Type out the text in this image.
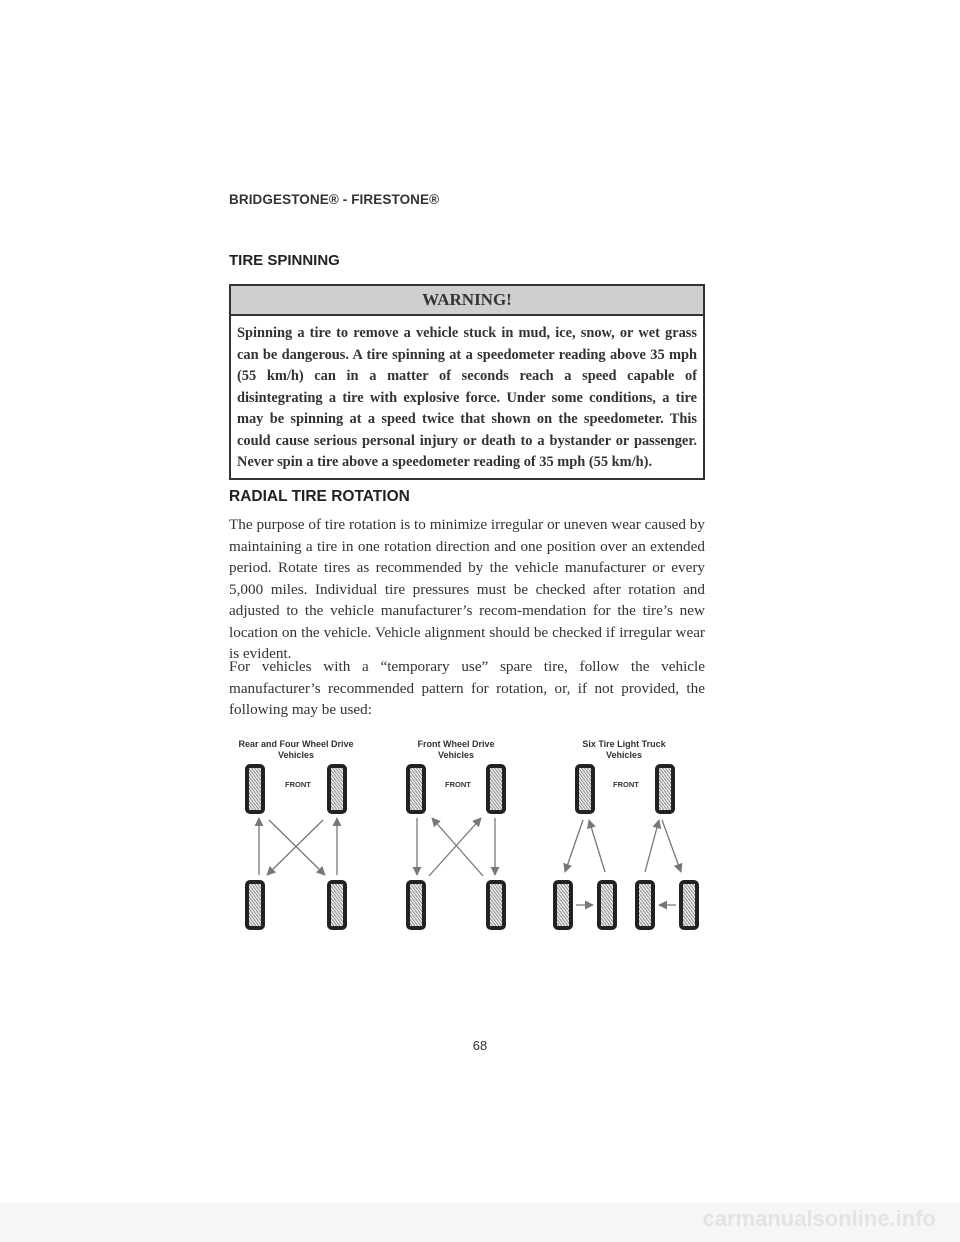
BRIDGESTONE® - FIRESTONE®
TIRE SPINNING
WARNING!
Spinning a tire to remove a vehicle stuck in mud, ice, snow, or wet grass can be dangerous. A tire spinning at a speedometer reading above 35 mph (55 km/h) can in a matter of seconds reach a speed capable of disintegrating a tire with explosive force. Under some conditions, a tire may be spinning at a speed twice that shown on the speedometer. This could cause serious personal injury or death to a bystander or passenger. Never spin a tire above a speedometer reading of 35 mph (55 km/h).
RADIAL TIRE ROTATION
The purpose of tire rotation is to minimize irregular or uneven wear caused by maintaining a tire in one rotation direction and one position over an extended period. Rotate tires as recommended by the vehicle manufacturer or every 5,000 miles. Individual tire pressures must be checked after rotation and adjusted to the vehicle manufacturer’s recom-mendation for the tire’s new location on the vehicle. Vehicle alignment should be checked if irregular wear is evident.
For vehicles with a “temporary use” spare tire, follow the vehicle manufacturer’s recommended pattern for rotation, or, if not provided, the following may be used:
Rear and Four Wheel Drive
Vehicles
FRONT
Front Wheel Drive
Vehicles
FRONT
Six Tire Light Truck
Vehicles
FRONT
68
carmanualsonline.info
